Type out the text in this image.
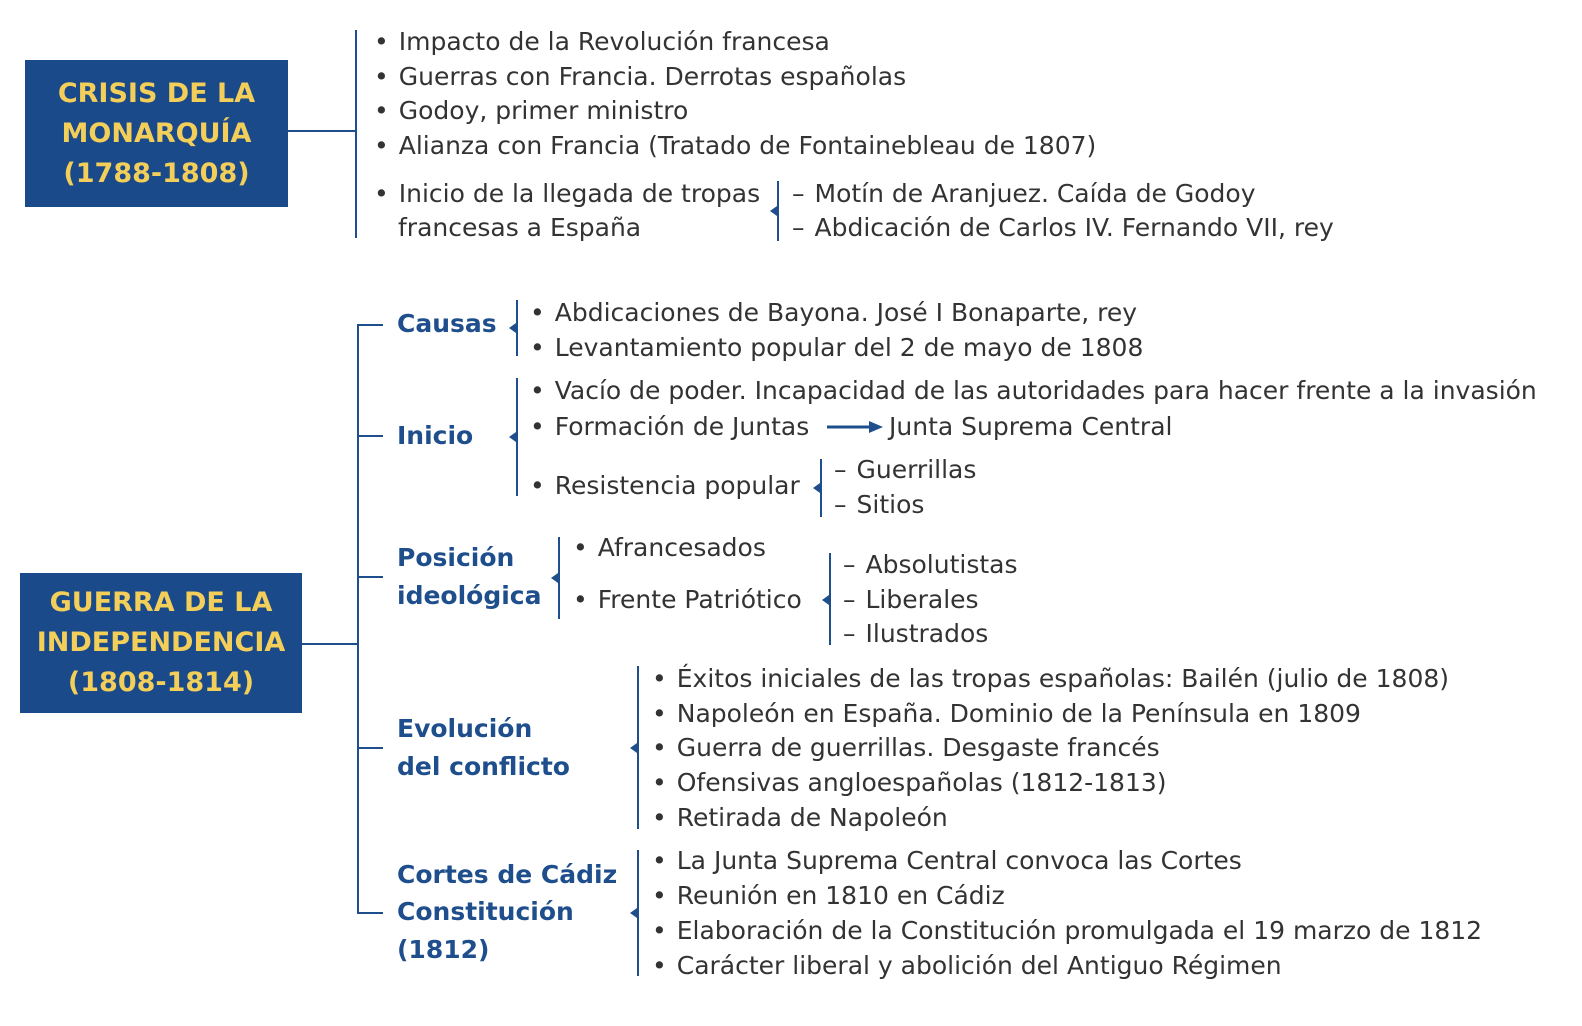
CRISIS DE LA
MONARQUÍA
(1788-1808)
• Impacto de la Revolución francesa
• Guerras con Francia. Derrotas españolas
• Godoy, primer ministro
• Alianza con Francia (Tratado de Fontainebleau de 1807)
• Inicio de la llegada de tropas
francesas a España
– Motín de Aranjuez. Caída de Godoy
– Abdicación de Carlos IV. Fernando VII, rey
GUERRA DE LA
INDEPENDENCIA
(1808-1814)
Causas
•	Abdicaciones de Bayona. José I Bonaparte, rey
• Levantamiento popular del 2 de mayo de 1808
Inicio
• Vacío de poder. Incapacidad de las autoridades para hacer frente a la invasión
• Formación de Juntas	Junta Suprema Central
• Resistencia popular
– Guerrillas
– Sitios
Posición
ideológica
• Afrancesados
• Frente Patriótico
– Absolutistas
– Liberales
– Ilustrados
Evolución
del conflicto
• Éxitos iniciales de las tropas españolas: Bailén (julio de 1808)
• Napoleón en España. Dominio de la Península en 1809
• Guerra de guerrillas. Desgaste francés
• Ofensivas angloespañolas (1812-1813)
• Retirada de Napoleón
Cortes de Cádiz
Constitución
(1812)
• La Junta Suprema Central convoca las Cortes
• Reunión en 1810 en Cádiz
• Elaboración de la Constitución promulgada el 19 marzo de 1812
• Carácter liberal y abolición del Antiguo Régimen
